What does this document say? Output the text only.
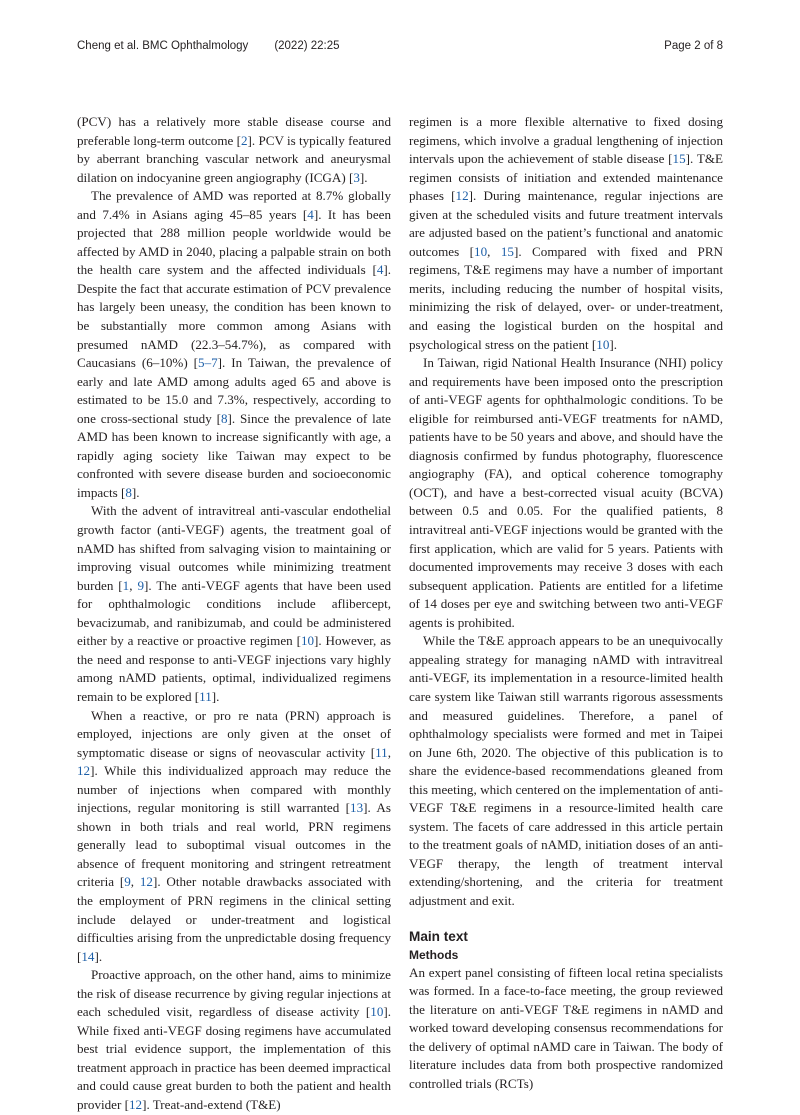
Cheng et al. BMC Ophthalmology (2022) 22:25	Page 2 of 8

(PCV) has a relatively more stable disease course and preferable long-term outcome [2]. PCV is typically featured by aberrant branching vascular network and aneurysmal dilation on indocyanine green angiography (ICGA) [3].

The prevalence of AMD was reported at 8.7% globally and 7.4% in Asians aging 45–85 years [4]. It has been projected that 288 million people worldwide would be affected by AMD in 2040, placing a palpable strain on both the health care system and the affected individuals [4]. Despite the fact that accurate estimation of PCV prevalence has largely been uneasy, the condition has been known to be substantially more common among Asians with presumed nAMD (22.3–54.7%), as compared with Caucasians (6–10%) [5–7]. In Taiwan, the prevalence of early and late AMD among adults aged 65 and above is estimated to be 15.0 and 7.3%, respectively, according to one cross-sectional study [8]. Since the prevalence of late AMD has been known to increase significantly with age, a rapidly aging society like Taiwan may expect to be confronted with severe disease burden and socioeconomic impacts [8].

With the advent of intravitreal anti-vascular endothelial growth factor (anti-VEGF) agents, the treatment goal of nAMD has shifted from salvaging vision to maintaining or improving visual outcomes while minimizing treatment burden [1, 9]. The anti-VEGF agents that have been used for ophthalmologic conditions include aflibercept, bevacizumab, and ranibizumab, and could be administered either by a reactive or proactive regimen [10]. However, as the need and response to anti-VEGF injections vary highly among nAMD patients, optimal, individualized regimens remain to be explored [11].

When a reactive, or pro re nata (PRN) approach is employed, injections are only given at the onset of symptomatic disease or signs of neovascular activity [11, 12]. While this individualized approach may reduce the number of injections when compared with monthly injections, regular monitoring is still warranted [13]. As shown in both trials and real world, PRN regimens generally lead to suboptimal visual outcomes in the absence of frequent monitoring and stringent retreatment criteria [9, 12]. Other notable drawbacks associated with the employment of PRN regimens in the clinical setting include delayed or under-treatment and logistical difficulties arising from the unpredictable dosing frequency [14].

Proactive approach, on the other hand, aims to minimize the risk of disease recurrence by giving regular injections at each scheduled visit, regardless of disease activity [10]. While fixed anti-VEGF dosing regimens have accumulated best trial evidence support, the implementation of this treatment approach in practice has been deemed impractical and could cause great burden to both the patient and health provider [12]. Treat-and-extend (T&E)

regimen is a more flexible alternative to fixed dosing regimens, which involve a gradual lengthening of injection intervals upon the achievement of stable disease [15]. T&E regimen consists of initiation and extended maintenance phases [12]. During maintenance, regular injections are given at the scheduled visits and future treatment intervals are adjusted based on the patient’s functional and anatomic outcomes [10, 15]. Compared with fixed and PRN regimens, T&E regimens may have a number of important merits, including reducing the number of hospital visits, minimizing the risk of delayed, over- or under-treatment, and easing the logistical burden on the hospital and psychological stress on the patient [10].

In Taiwan, rigid National Health Insurance (NHI) policy and requirements have been imposed onto the prescription of anti-VEGF agents for ophthalmologic conditions. To be eligible for reimbursed anti-VEGF treatments for nAMD, patients have to be 50 years and above, and should have the diagnosis confirmed by fundus photography, fluorescence angiography (FA), and optical coherence tomography (OCT), and have a best-corrected visual acuity (BCVA) between 0.5 and 0.05. For the qualified patients, 8 intravitreal anti-VEGF injections would be granted with the first application, which are valid for 5 years. Patients with documented improvements may receive 3 doses with each subsequent application. Patients are entitled for a lifetime of 14 doses per eye and switching between two anti-VEGF agents is prohibited.

While the T&E approach appears to be an unequivocally appealing strategy for managing nAMD with intravitreal anti-VEGF, its implementation in a resource-limited health care system like Taiwan still warrants rigorous assessments and measured guidelines. Therefore, a panel of ophthalmology specialists were formed and met in Taipei on June 6th, 2020. The objective of this publication is to share the evidence-based recommendations gleaned from this meeting, which centered on the implementation of anti-VEGF T&E regimens in a resource-limited health care system. The facets of care addressed in this article pertain to the treatment goals of nAMD, initiation doses of an anti-VEGF therapy, the length of treatment interval extending/shortening, and the criteria for treatment adjustment and exit.

Main text
Methods

An expert panel consisting of fifteen local retina specialists was formed. In a face-to-face meeting, the group reviewed the literature on anti-VEGF T&E regimens in nAMD and worked toward developing consensus recommendations for the delivery of optimal nAMD care in Taiwan. The body of literature includes data from both prospective randomized controlled trials (RCTs)
